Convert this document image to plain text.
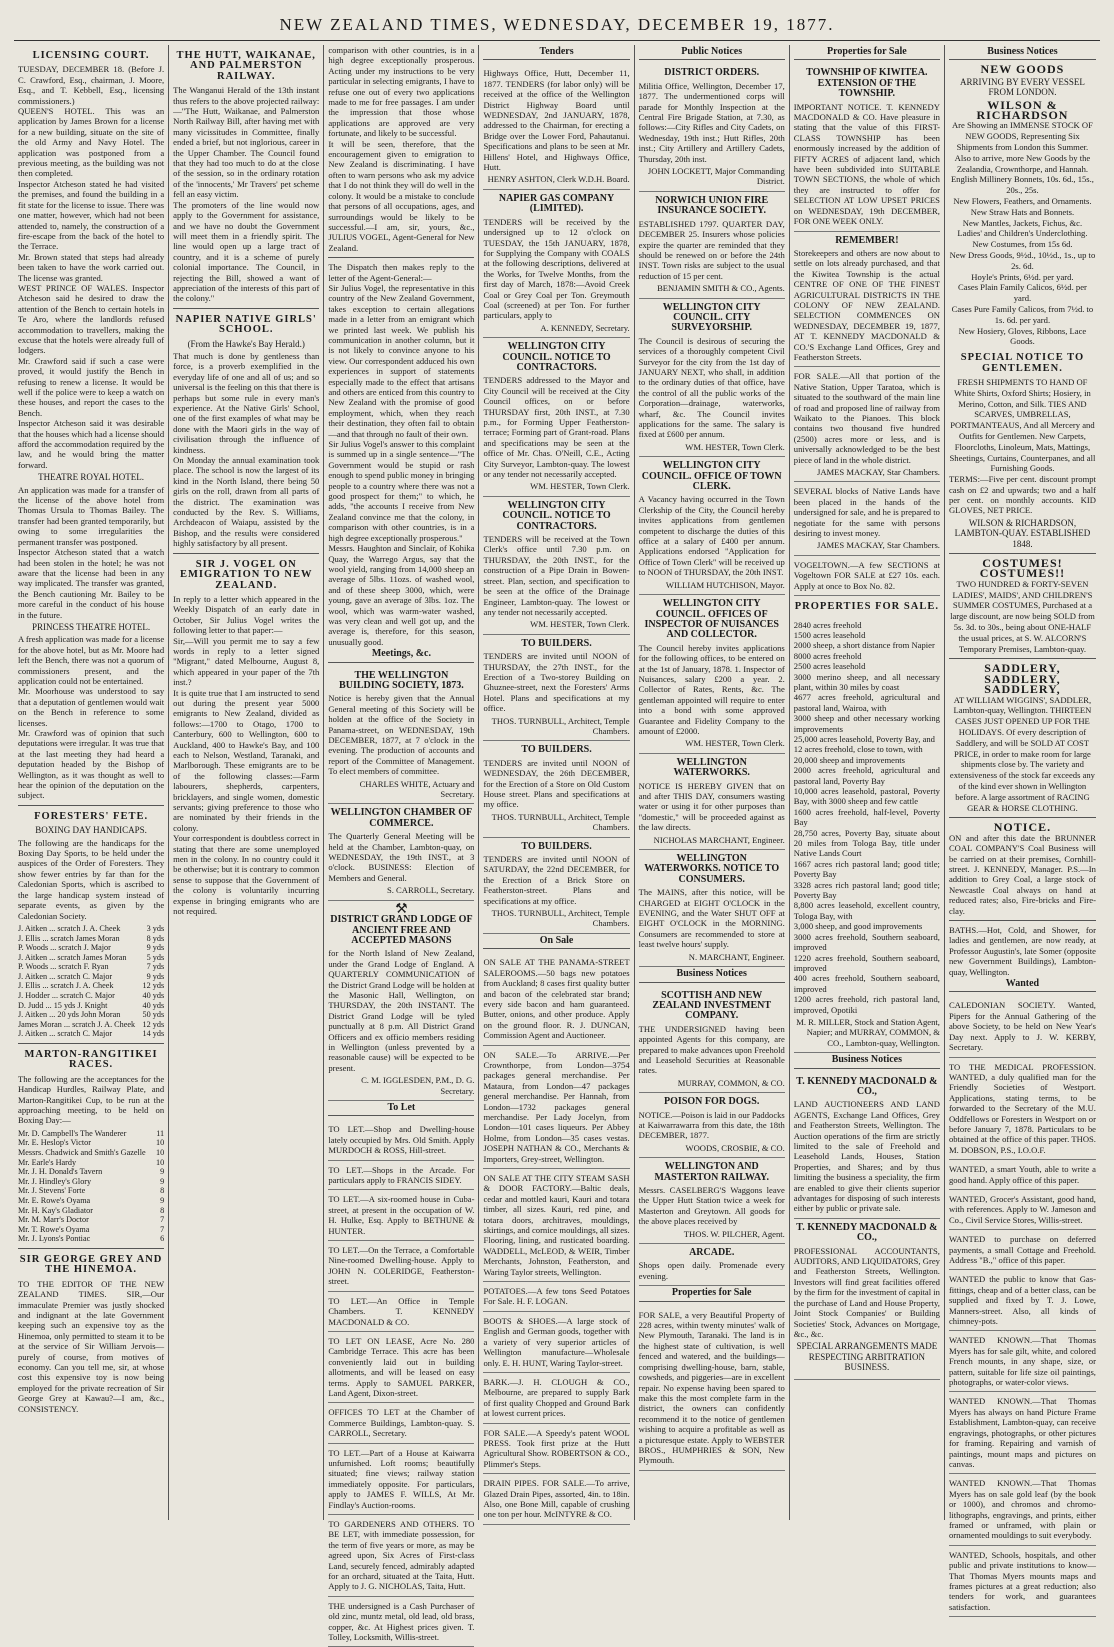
NEW ZEALAND TIMES, WEDNESDAY, DECEMBER 19, 1877.
LICENSING COURT.

TUESDAY, DECEMBER 18. (Before J. C. Crawford, Esq., chairman, J. Moore, Esq., and T. Kebbell, Esq., licensing commissioners.)

QUEEN'S HOTEL. This was an application by James Brown for a license for a new building, situate on the site of the old Army and Navy Hotel. The application was postponed from a previous meeting, as the building was not then completed.

Inspector Atcheson stated he had visited the premises, and found the building in a fit state for the license to issue. There was one matter, however, which had not been attended to, namely, the construction of a fire-escape from the back of the hotel to the Terrace.

Mr. Brown stated that steps had already been taken to have the work carried out. The license was granted.

WEST PRINCE OF WALES. Inspector Atcheson said he desired to draw the attention of the Bench to certain hotels in Te Aro, where the landlords refused accommodation to travellers, making the excuse that the hotels were already full of lodgers.

Mr. Crawford said if such a case were proved, it would justify the Bench in refusing to renew a license. It would be well if the police were to keep a watch on these houses, and report the cases to the Bench.

Inspector Atcheson said it was desirable that the houses which had a license should afford the accommodation required by the law, and he would bring the matter forward.

THEATRE ROYAL HOTEL.

An application was made for a transfer of the license of the above hotel from Thomas Ursula to Thomas Bailey. The transfer had been granted temporarily, but owing to some irregularities the permanent transfer was postponed.

Inspector Atcheson stated that a watch had been stolen in the hotel; he was not aware that the license had been in any way implicated. The transfer was granted, the Bench cautioning Mr. Bailey to be more careful in the conduct of his house in the future.

PRINCESS THEATRE HOTEL.

A fresh application was made for a license for the above hotel, but as Mr. Moore had left the Bench, there was not a quorum of commissioners present, and the application could not be entertained.

Mr. Moorhouse was understood to say that a deputation of gentlemen would wait on the Bench in reference to some licenses.

Mr. Crawford was of opinion that such deputations were irregular. It was true that at the last meeting they had heard a deputation headed by the Bishop of Wellington, as it was thought as well to hear the opinion of the deputation on the subject.

FORESTERS' FETE.
BOXING DAY HANDICAPS.

The following are the handicaps for the Boxing Day Sports, to be held under the auspices of the Order of Foresters. They show fewer entries by far than for the Caledonian Sports, which is ascribed to the large handicap system instead of separate events, as given by the Caledonian Society.

J. Aitken ... scratch J. A. Cheek	3 yds
J. Ellis ... scratch James Moran	8 yds
P. Woods ... scratch J. Major	9 yds
J. Aitken ... scratch James Moran	5 yds
P. Woods ... scratch F. Ryan	7 yds
J. Aitken ... scratch C. Major	9 yds
J. Ellis ... scratch J. A. Cheek	12 yds
J. Hodder ... scratch C. Major	40 yds
D. Judd ... 15 yds J. Knight	40 yds
J. Aitken ... 20 yds John Moran	50 yds
James Moran ... scratch J. A. Cheek 12 yds
J. Aitken ... scratch C. Major	14 yds
MARTON-RANGITIKEI RACES.

The following are the acceptances for the Handicap Hurdles, Railway Plate, and Marton-Rangitikei Cup, to be run at the approaching meeting, to be held on Boxing Day:—

Mr. D. Campbell's The Wanderer	11
Mr. E. Heslop's Victor	10
Messrs. Chadwick and Smith's Gazelle	10
Mr. Earle's Hardy	10
Mr. J. H. Donald's Tavern	9
Mr. J. Hindley's Glory	9
Mr. J. Stevens' Forte	8
Mr. E. Rowe's Oyama	9
Mr. H. Kay's Gladiator	8
Mr. M. Marr's Doctor	7
Mr. T. Rowe's Oyama	7
Mr. J. Lyons's Pontiac	6
SIR GEORGE GREY AND THE HINEMOA.

TO THE EDITOR OF THE NEW ZEALAND TIMES. SIR,—Our immaculate Premier was justly shocked and indignant at the late Government keeping such an expensive toy as the Hinemoa, only permitted to steam it to be at the service of Sir William Jervois—purely of course, from motives of economy. Can you tell me, sir, at whose cost this expensive toy is now being employed for the private recreation of Sir George Grey at Kawau?—I am, &c., CONSISTENCY.

THE HUTT, WAIKANAE, AND PALMERSTON RAILWAY.

The Wanganui Herald of the 13th instant thus refers to the above projected railway:—"The Hutt, Waikanae, and Palmerston North Railway Bill, after having met with many vicissitudes in Committee, finally ended a brief, but not inglorious, career in the Upper Chamber. The Council found that they had too much to do at the close of the session, so in the ordinary rotation of the 'innocents,' Mr Travers' pet scheme fell an easy victim.

The promoters of the line would now apply to the Government for assistance, and we have no doubt the Government will meet them in a friendly spirit. The line would open up a large tract of country, and it is a scheme of purely colonial importance. The Council, in rejecting the Bill, showed a want of appreciation of the interests of this part of the colony."

NAPIER NATIVE GIRLS' SCHOOL.
(From the Hawke's Bay Herald.)

That much is done by gentleness than force, is a proverb exemplified in the everyday life of one and all of us; and so universal is the feeling on this that there is perhaps but some rule in every man's experience. At the Native Girls' School, one of the first examples of what may be done with the Maori girls in the way of civilisation through the influence of kindness.

On Monday the annual examination took place. The school is now the largest of its kind in the North Island, there being 50 girls on the roll, drawn from all parts of the district. The examination was conducted by the Rev. S. Williams, Archdeacon of Waiapu, assisted by the Bishop, and the results were considered highly satisfactory by all present.

SIR J. VOGEL ON EMIGRATION TO NEW ZEALAND.

In reply to a letter which appeared in the Weekly Dispatch of an early date in October, Sir Julius Vogel writes the following letter to that paper:—

Sir,—Will you permit me to say a few words in reply to a letter signed "Migrant," dated Melbourne, August 8, which appeared in your paper of the 7th inst.?

It is quite true that I am instructed to send out during the present year 5000 emigrants to New Zealand, divided as follows:—1700 to Otago, 1700 to Canterbury, 600 to Wellington, 600 to Auckland, 400 to Hawke's Bay, and 100 each to Nelson, Westland, Taranaki, and Marlborough. These emigrants are to be of the following classes:—Farm labourers, shepherds, carpenters, bricklayers, and single women, domestic servants; giving preference to those who are nominated by their friends in the colony.

Your correspondent is doubtless correct in stating that there are some unemployed men in the colony. In no country could it be otherwise; but it is contrary to common sense to suppose that the Government of the colony is voluntarily incurring expense in bringing emigrants who are not required.

comparison with other countries, is in a high degree exceptionally prosperous. Acting under my instructions to be very particular in selecting emigrants, I have to refuse one out of every two applications made to me for free passages. I am under the impression that those whose applications are approved are very fortunate, and likely to be successful.

It will be seen, therefore, that the encouragement given to emigration to New Zealand is discriminating. I have often to warn persons who ask my advice that I do not think they will do well in the colony. It would be a mistake to conclude that persons of all occupations, ages, and surroundings would be likely to be successful.—I am, sir, yours, &c., JULIUS VOGEL, Agent-General for New Zealand.

The Dispatch then makes reply to the letter of the Agent-General:—

Sir Julius Vogel, the representative in this country of the New Zealand Government, takes exception to certain allegations made in a letter from an emigrant which we printed last week. We publish his communication in another column, but it is not likely to convince anyone to his view. Our correspondent adduced his own experiences in support of statements especially made to the effect that artisans and others are enticed from this country to New Zealand with the promise of good employment, which, when they reach their destination, they often fail to obtain—and that through no fault of their own.

Sir Julius Vogel's answer to this complaint is summed up in a single sentence—"The Government would be stupid or rash enough to spend public money in bringing people to a country where there was not a good prospect for them;" to which, he adds, "the accounts I receive from New Zealand convince me that the colony, in comparison with other countries, is in a high degree exceptionally prosperous."

Messrs. Haughton and Sinclair, of Kohika Quay, the Warrego Argus, say that the wool yield, ranging from 14,000 sheep an average of 5lbs. 11ozs. of washed wool, and of these sheep 3000, which, were young, gave an average of 3lbs. 1oz. The wool, which was warm-water washed, was very clean and well got up, and the average is, therefore, for this season, unusually good.

Meetings, &c.
THE WELLINGTON BUILDING SOCIETY, 1873.

Notice is hereby given that the Annual General meeting of this Society will be holden at the office of the Society in Panama-street, on WEDNESDAY, 19th DECEMBER, 1877, at 7 o'clock in the evening. The production of accounts and report of the Committee of Management. To elect members of committee.

CHARLES WHITE, Actuary and Secretary.
WELLINGTON CHAMBER OF COMMERCE.

The Quarterly General Meeting will be held at the Chamber, Lambton-quay, on WEDNESDAY, the 19th INST., at 3 o'clock. BUSINESS: Election of Members and General.

S. CARROLL, Secretary.
⚒
DISTRICT GRAND LODGE OF ANCIENT FREE AND ACCEPTED MASONS

for the North Island of New Zealand, under the Grand Lodge of England. A QUARTERLY COMMUNICATION of the District Grand Lodge will be holden at the Masonic Hall, Wellington, on THURSDAY, the 20th INSTANT. The District Grand Lodge will be tyled punctually at 8 p.m. All District Grand Officers and ex officio members residing in Wellington (unless prevented by a reasonable cause) will be expected to be present.

C. M. IGGLESDEN, P.M., D. G. Secretary.
To Let

TO LET.—Shop and Dwelling-house lately occupied by Mrs. Old Smith. Apply MURDOCH & ROSS, Hill-street.

TO LET.—Shops in the Arcade. For particulars apply to FRANCIS SIDEY.

TO LET.—A six-roomed house in Cuba-street, at present in the occupation of W. H. Hulke, Esq. Apply to BETHUNE & HUNTER.

TO LET.—On the Terrace, a Comfortable Nine-roomed Dwelling-house. Apply to JOHN N. COLERIDGE, Featherston-street.

TO LET.—An Office in Temple Chambers. T. KENNEDY MACDONALD & CO.

TO LET ON LEASE, Acre No. 280 Cambridge Terrace. This acre has been conveniently laid out in building allotments, and will be leased on easy terms. Apply to SAMUEL PARKER, Land Agent, Dixon-street.

OFFICES TO LET at the Chamber of Commerce Buildings, Lambton-quay. S. CARROLL, Secretary.

TO LET.—Part of a House at Kaiwarra unfurnished. Loft rooms; beautifully situated; fine views; railway station immediately opposite. For particulars, apply to JAMES F. WILLS, At Mr. Findlay's Auction-rooms.

TO GARDENERS AND OTHERS. TO BE LET, with immediate possession, for the term of five years or more, as may be agreed upon, Six Acres of First-class Land, securely fenced, admirably adapted for an orchard, situated at the Taita, Hutt. Apply to J. G. NICHOLAS, Taita, Hutt.

THE undersigned is a Cash Purchaser of old zinc, muntz metal, old lead, old brass, copper, &c. At Highest prices given. T. Tolley, Locksmith, Willis-street.

Tenders

Highways Office, Hutt, December 11, 1877. TENDERS (for labor only) will be received at the office of the Wellington District Highway Board until WEDNESDAY, 2nd JANUARY, 1878, addressed to the Chairman, for erecting a Bridge over the Lower Ford, Pahautanui. Specifications and plans to be seen at Mr. Hillens' Hotel, and Highways Office, Hutt.

HENRY ASHTON, Clerk W.D.H. Board.
NAPIER GAS COMPANY (LIMITED).

TENDERS will be received by the undersigned up to 12 o'clock on TUESDAY, the 15th JANUARY, 1878, for Supplying the Company with COALS at the following descriptions, delivered at the Works, for Twelve Months, from the first day of March, 1878:—Avoid Creek Coal or Grey Coal per Ton. Greymouth Coal (screened) at per Ton. For further particulars, apply to

A. KENNEDY, Secretary.
WELLINGTON CITY COUNCIL. NOTICE TO CONTRACTORS.

TENDERS addressed to the Mayor and City Council will be received at the City Council offices, on or before THURSDAY first, 20th INST., at 7.30 p.m., for Forming Upper Featherston-terrace; Forming part of Grant-road. Plans and specifications may be seen at the office of Mr. Chas. O'Neill, C.E., Acting City Surveyor, Lambton-quay. The lowest or any tender not necessarily accepted.

WM. HESTER, Town Clerk.
WELLINGTON CITY COUNCIL. NOTICE TO CONTRACTORS.

TENDERS will be received at the Town Clerk's office until 7.30 p.m. on THURSDAY, the 20th INST., for the construction of a Pipe Drain in Bowen-street. Plan, section, and specification to be seen at the office of the Drainage Engineer, Lambton-quay. The lowest or any tender not necessarily accepted.

WM. HESTER, Town Clerk.
TO BUILDERS.

TENDERS are invited until NOON of THURSDAY, the 27th INST., for the Erection of a Two-storey Building on Ghuznee-street, next the Foresters' Arms Hotel. Plans and specifications at my office.

THOS. TURNBULL, Architect, Temple Chambers.
TO BUILDERS.

TENDERS are invited until NOON of WEDNESDAY, the 26th DECEMBER, for the Erection of a Store on Old Custom House street. Plans and specifications at my office.

THOS. TURNBULL, Architect, Temple Chambers.
TO BUILDERS.

TENDERS are invited until NOON of SATURDAY, the 22nd DECEMBER, for the Erection of a Brick Store on Featherston-street. Plans and specifications at my office.

THOS. TURNBULL, Architect, Temple Chambers.
On Sale

ON SALE AT THE PANAMA-STREET SALEROOMS.—50 bags new potatoes from Auckland; 8 cases first quality butter and bacon of the celebrated star brand; every side bacon and ham guaranteed. Butter, onions, and other produce. Apply on the ground floor. R. J. DUNCAN, Commission Agent and Auctioneer.

ON SALE.—To ARRIVE.—Per Crownthorpe, from London—3754 packages general merchandise. Per Mataura, from London—47 packages general merchandise. Per Hannah, from London—1732 packages general merchandise. Per Lady Jocelyn, from London—101 cases liqueurs. Per Abbey Holme, from London—35 cases vestas. JOSEPH NATHAN & CO., Merchants & Importers, Grey-street, Wellington.

ON SALE AT THE CITY STEAM SASH & DOOR FACTORY.—Baltic deals, cedar and mottled kauri, Kauri and totara timber, all sizes. Kauri, red pine, and totara doors, architraves, mouldings, skirtings, and cornice mouldings, all sizes. Flooring, lining, and rusticated boarding. WADDELL, McLEOD, & WEIR, Timber Merchants, Johnston, Featherston, and Waring Taylor streets, Wellington.

POTATOES.—A few tons Seed Potatoes For Sale. H. F. LOGAN.

BOOTS & SHOES.—A large stock of English and German goods, together with a variety of very superior articles of Wellington manufacture—Wholesale only. E. H. HUNT, Waring Taylor-street.

BARK.—J. H. CLOUGH & CO., Melbourne, are prepared to supply Bark of first quality Chopped and Ground Bark at lowest current prices.

FOR SALE.—A Speedy's patent WOOL PRESS. Took first prize at the Hutt Agricultural Show. ROBERTSON & CO., Plimmer's Steps.

DRAIN PIPES. FOR SALE.—To arrive, Glazed Drain Pipes, assorted, 4in. to 18in. Also, one Bone Mill, capable of crushing one ton per hour. McINTYRE & CO.

Public Notices
DISTRICT ORDERS.

Militia Office, Wellington, December 17, 1877. The undermentioned corps will parade for Monthly Inspection at the Central Fire Brigade Station, at 7.30, as follows:—City Rifles and City Cadets, on Wednesday, 19th inst.; Hutt Rifles, 20th inst.; City Artillery and Artillery Cadets, Thursday, 20th inst.

JOHN LOCKETT, Major Commanding District.
NORWICH UNION FIRE INSURANCE SOCIETY.

ESTABLISHED 1797. QUARTER DAY, DECEMBER 25. Insurers whose policies expire the quarter are reminded that they should be renewed on or before the 24th INST. Town risks are subject to the usual reduction of 15 per cent.

BENJAMIN SMITH & CO., Agents.
WELLINGTON CITY COUNCIL. CITY SURVEYORSHIP.

The Council is desirous of securing the services of a thoroughly competent Civil Surveyor for the city from the 1st day of JANUARY NEXT, who shall, in addition to the ordinary duties of that office, have the control of all the public works of the Corporation—drainage, waterworks, wharf, &c. The Council invites applications for the same. The salary is fixed at £600 per annum.

WM. HESTER, Town Clerk.
WELLINGTON CITY COUNCIL. OFFICE OF TOWN CLERK.

A Vacancy having occurred in the Town Clerkship of the City, the Council hereby invites applications from gentlemen competent to discharge the duties of this office at a salary of £400 per annum. Applications endorsed "Application for Office of Town Clerk" will be received up to NOON of THURSDAY, the 20th INST.

WILLIAM HUTCHISON, Mayor.
WELLINGTON CITY COUNCIL. OFFICES OF INSPECTOR OF NUISANCES AND COLLECTOR.

The Council hereby invites applications for the following offices, to be entered on at the 1st of January, 1878. 1. Inspector of Nuisances, salary £200 a year. 2. Collector of Rates, Rents, &c. The gentleman appointed will require to enter into a bond with some approved Guarantee and Fidelity Company to the amount of £2000.

WM. HESTER, Town Clerk.
WELLINGTON WATERWORKS.

NOTICE IS HEREBY GIVEN that on and after THIS DAY, consumers wasting water or using it for other purposes than "domestic," will be proceeded against as the law directs.

NICHOLAS MARCHANT, Engineer.
WELLINGTON WATERWORKS. NOTICE TO CONSUMERS.

The MAINS, after this notice, will be CHARGED at EIGHT O'CLOCK in the EVENING, and the Water SHUT OFF at EIGHT O'CLOCK in the MORNING. Consumers are recommended to store at least twelve hours' supply.

N. MARCHANT, Engineer.
Business Notices
SCOTTISH AND NEW ZEALAND INVESTMENT COMPANY.

THE UNDERSIGNED having been appointed Agents for this company, are prepared to make advances upon Freehold and Leasehold Securities at Reasonable rates.

MURRAY, COMMON, & CO.
POISON FOR DOGS.

NOTICE.—Poison is laid in our Paddocks at Kaiwarrawarra from this date, the 18th DECEMBER, 1877.

WOODS, CROSBIE, & CO.
WELLINGTON AND MASTERTON RAILWAY.

Messrs. CASELBERG'S Waggons leave the Upper Hutt Station twice a week for Masterton and Greytown. All goods for the above places received by

THOS. W. PILCHER, Agent.
ARCADE.

Shops open daily. Promenade every evening.

Properties for Sale

FOR SALE, a very Beautiful Property of 228 acres, within twenty minutes' walk of New Plymouth, Taranaki. The land is in the highest state of cultivation, is well fenced and watered, and the buildings—comprising dwelling-house, barn, stable, cowsheds, and piggeries—are in excellent repair. No expense having been spared to make this the most complete farm in the district, the owners can confidently recommend it to the notice of gentlemen wishing to acquire a profitable as well as a picturesque estate. Apply to WEBSTER BROS., HUMPHRIES & SON, New Plymouth.

Properties for Sale
TOWNSHIP OF KIWITEA. EXTENSION OF THE TOWNSHIP.

IMPORTANT NOTICE. T. KENNEDY MACDONALD & CO. Have pleasure in stating that the value of this FIRST-CLASS TOWNSHIP has been enormously increased by the addition of FIFTY ACRES of adjacent land, which have been subdivided into SUITABLE TOWN SECTIONS, the whole of which they are instructed to offer for SELECTION AT LOW UPSET PRICES on WEDNESDAY, 19th DECEMBER, FOR ONE WEEK ONLY.

REMEMBER!

Storekeepers and others are now about to settle on lots already purchased, and that the Kiwitea Township is the actual CENTRE OF ONE OF THE FINEST AGRICULTURAL DISTRICTS IN THE COLONY OF NEW ZEALAND. SELECTION COMMENCES ON WEDNESDAY, DECEMBER 19, 1877, AT T. KENNEDY MACDONALD & CO.'S Exchange Land Offices, Grey and Featherston Streets.

FOR SALE.—All that portion of the Native Station, Upper Taratoa, which is situated to the southward of the main line of road and proposed line of railway from Waikato to the Pianoes. This block contains two thousand five hundred (2500) acres more or less, and is universally acknowledged to be the best piece of land in the whole district.

JAMES MACKAY, Star Chambers.

SEVERAL blocks of Native Lands have been placed in the hands of the undersigned for sale, and he is prepared to negotiate for the same with persons desiring to invest money.

JAMES MACKAY, Star Chambers.

VOGELTOWN.—A few SECTIONS at Vogeltown FOR SALE at £27 10s. each. Apply at once to Box No. 82.

PROPERTIES FOR SALE.
2840 acres freehold
1500 acres leasehold
2000 sheep, a short distance from Napier
8000 acres freehold
2500 acres leasehold
3000 merino sheep, and all necessary plant, within 30 miles by coast
4677 acres freehold, agricultural and pastoral land, Wairoa, with
3000 sheep and other necessary working improvements
25,000 acres leasehold, Poverty Bay, and
12 acres freehold, close to town, with
20,000 sheep and improvements
2000 acres freehold, agricultural and pastoral land, Poverty Bay
10,000 acres leasehold, pastoral, Poverty Bay, with 3000 sheep and few cattle
1600 acres freehold, half-level, Poverty Bay
28,750 acres, Poverty Bay, situate about 20 miles from Tologa Bay, title under Native Lands Court
1667 acres rich pastoral land; good title; Poverty Bay
3328 acres rich pastoral land; good title; Poverty Bay
8,800 acres leasehold, excellent country, Tologa Bay, with
3,000 sheep, and good improvements
3000 acres freehold, Southern seaboard, improved
1220 acres freehold, Southern seaboard, improved
400 acres freehold, Southern seaboard, improved
1200 acres freehold, rich pastoral land, improved, Opotiki
M. R. MILLER, Stock and Station Agent, Napier; and MURRAY, COMMON, & CO., Lambton-quay, Wellington.
Business Notices
T. KENNEDY MACDONALD & CO.,

LAND AUCTIONEERS AND LAND AGENTS, Exchange Land Offices, Grey and Featherston Streets, Wellington. The Auction operations of the firm are strictly limited to the sale of Freehold and Leasehold Lands, Houses, Station Properties, and Shares; and by thus limiting the business a speciality, the firm are enabled to give their clients superior advantages for disposing of such interests either by public or private sale.

T. KENNEDY MACDONALD & CO.,

PROFESSIONAL ACCOUNTANTS, AUDITORS, AND LIQUIDATORS, Grey and Featherston Streets, Wellington. Investors will find great facilities offered by the firm for the investment of capital in the purchase of Land and House Property, Joint Stock Companies' or Building Societies' Stock, Advances on Mortgage, &c., &c.

SPECIAL ARRANGEMENTS MADE RESPECTING ARBITRATION BUSINESS.
Business Notices
NEW GOODS
ARRIVING BY EVERY VESSEL FROM LONDON.
WILSON & RICHARDSON
Are Showing an IMMENSE STOCK OF NEW GOODS, Representing Six Shipments from London this Summer.
Also to arrive, more New Goods by the Zealandia, Crownthorpe, and Hannah.
English Millinery Bonnets, 10s. 6d., 15s., 20s., 25s.
New Flowers, Feathers, and Ornaments.
New Straw Hats and Bonnets.
New Mantles, Jackets, Fichus, &c.
Ladies' and Children's Underclothing.
New Costumes, from 15s 6d.
New Dress Goods, 9½d., 10½d., 1s., up to 2s. 6d.
Hoyle's Prints, 6½d. per yard.
Cases Plain Family Calicos, 6½d. per yard.
Cases Pure Family Calicos, from 7½d. to 1s. 6d. per yard.
New Hosiery, Gloves, Ribbons, Lace Goods.
SPECIAL NOTICE TO GENTLEMEN.
FRESH SHIPMENTS TO HAND OF White Shirts, Oxford Shirts; Hosiery, in Merino, Cotton, and Silk. TIES AND SCARVES, UMBRELLAS, PORTMANTEAUS, And all Mercery and Outfits for Gentlemen. New Carpets, Floorcloths, Linoleum, Mats, Mattings, Sheetings, Curtains, Counterpanes, and all Furnishing Goods.

TERMS:—Five per cent. discount prompt cash on £2 and upwards; two and a half per cent. on monthly accounts. KID GLOVES, NET PRICE.

WILSON & RICHARDSON, LAMBTON-QUAY. ESTABLISHED 1848.
COSTUMES! COSTUMES!!
TWO HUNDRED & FORTY-SEVEN LADIES', MAIDS', AND CHILDREN'S SUMMER COSTUMES, Purchased at a large discount, are now being SOLD from 5s. 3d. to 30s., being about ONE-HALF the usual prices, at S. W. ALCORN'S Temporary Premises, Lambton-quay.
SADDLERY, SADDLERY, SADDLERY,
AT WILLIAM WIGGINS', SADDLER, Lambton-quay, Wellington. THIRTEEN CASES JUST OPENED UP FOR THE HOLIDAYS. Of every description of Saddlery, and will be SOLD AT COST PRICE, in order to make room for large shipments close by. The variety and extensiveness of the stock far exceeds any of the kind ever shown in Wellington before. A large assortment of RACING GEAR & HORSE CLOTHING.
NOTICE.

ON and after this date the BRUNNER COAL COMPANY'S Coal Business will be carried on at their premises, Cornhill-street. J. KENNEDY, Manager. P.S.—In addition to Grey Coal, a large stock of Newcastle Coal always on hand at reduced rates; also, Fire-bricks and Fire-clay.

BATHS.—Hot, Cold, and Shower, for ladies and gentlemen, are now ready, at Professor Augustin's, late Somer (opposite new Government Buildings), Lambton-quay, Wellington.

Wanted

CALEDONIAN SOCIETY. Wanted, Pipers for the Annual Gathering of the above Society, to be held on New Year's Day next. Apply to J. W. KERBY, Secretary.

TO THE MEDICAL PROFESSION. WANTED, a duly qualified man for the Friendly Societies of Westport. Applications, stating terms, to be forwarded to the Secretary of the M.U. Oddfellows or Foresters in Westport on or before January 7, 1878. Particulars to be obtained at the office of this paper. THOS. M. DOBSON, P.S., I.O.O.F.

WANTED, a smart Youth, able to write a good hand. Apply office of this paper.

WANTED, Grocer's Assistant, good hand, with references. Apply to W. Jameson and Co., Civil Service Stores, Willis-street.

WANTED to purchase on deferred payments, a small Cottage and Freehold. Address "B.," office of this paper.

WANTED the public to know that Gas-fittings, cheap and of a better class, can be supplied and fixed by T. J. Lowe, Manners-street. Also, all kinds of chimney-pots.

WANTED KNOWN.—That Thomas Myers has for sale gilt, white, and colored French mounts, in any shape, size, or pattern, suitable for life size oil paintings, photographs, or water-color views.

WANTED KNOWN.—That Thomas Myers has always on hand Picture Frame Establishment, Lambton-quay, can receive engravings, photographs, or other pictures for framing. Repairing and varnish of paintings, mount maps and pictures on canvas.

WANTED KNOWN.—That Thomas Myers has on sale gold leaf (by the book or 1000), and chromos and chromo-lithographs, engravings, and prints, either framed or unframed, with plain or ornamented mouldings to suit everybody.

WANTED, Schools, hospitals, and other public and private institutions to know—That Thomas Myers mounts maps and frames pictures at a great reduction; also tenders for work, and guarantees satisfaction.
